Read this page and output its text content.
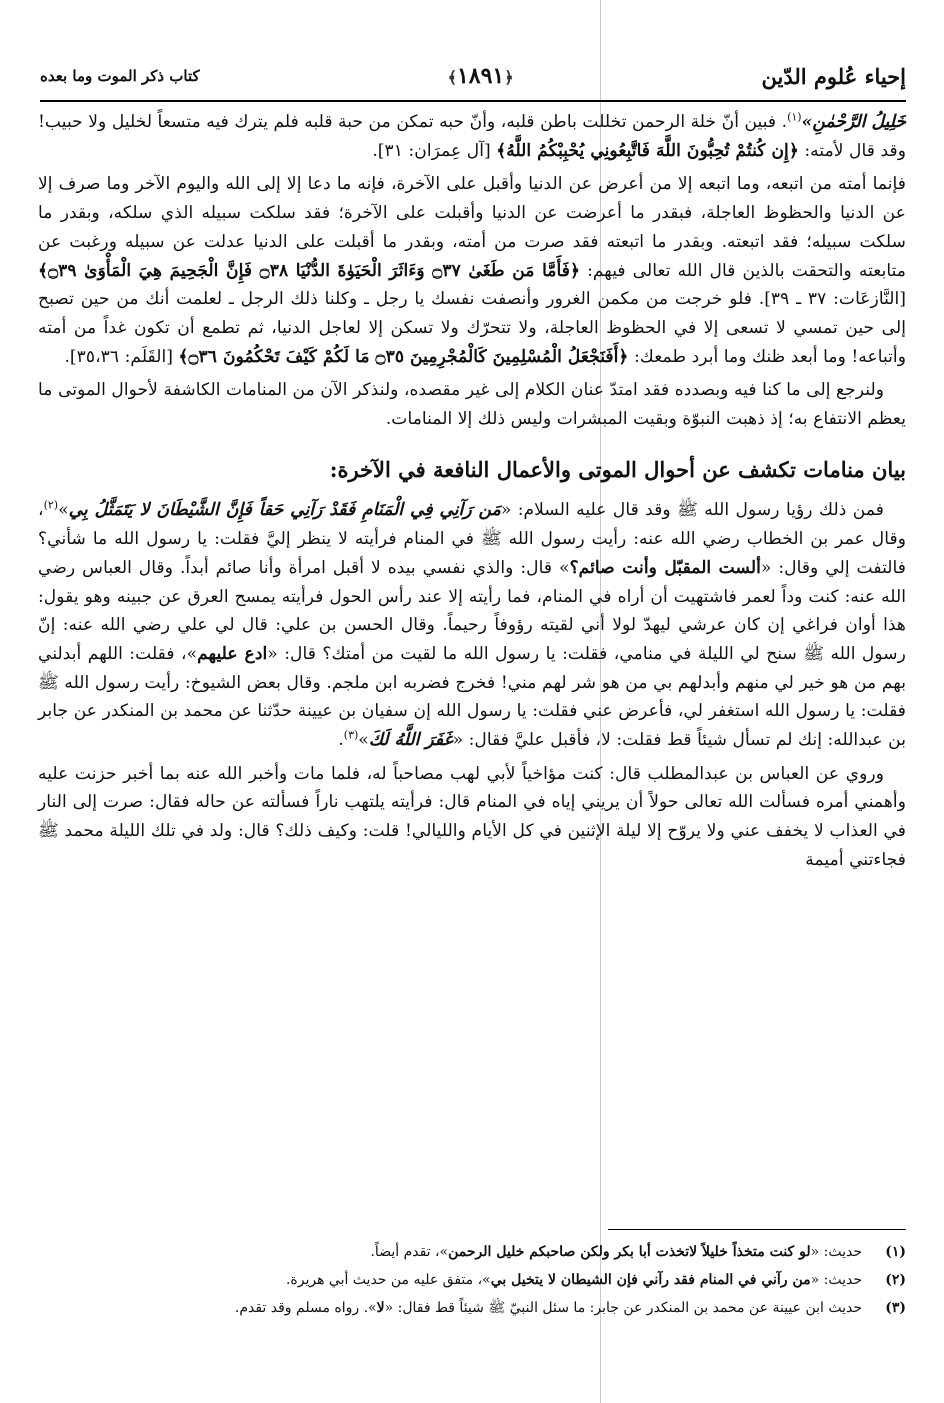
إحياء عُلوم الدّين
﴿١٨٩١﴾
كتاب ذكر الموت وما بعده

خَلِيلُ الرَّحْمٰنِ»$^{(١)}$. فبين أنّ خلة الرحمن تخللت باطن قلبه، وأنّ حبه تمكن من حبة قلبه فلم يترك فيه متسعاً لخليل ولا حبيب! وقد قال لأمته: ﴿إِن كُنتُمْ تُحِبُّونَ اللَّهَ فَاتَّبِعُونِي يُحْبِبْكُمُ اللَّهُ﴾ [آل عِمرَان: ٣١].

فإنما أمته من اتبعه، وما اتبعه إلا من أعرض عن الدنيا وأقبل على الآخرة، فإنه ما دعا إلا إلى الله واليوم الآخر وما صرف إلا عن الدنيا والحظوظ العاجلة، فبقدر ما أعرضت عن الدنيا وأقبلت على الآخرة؛ فقد سلكت سبيله الذي سلكه، وبقدر ما سلكت سبيله؛ فقد اتبعته. وبقدر ما اتبعته فقد صرت من أمته، وبقدر ما أقبلت على الدنيا عدلت عن سبيله ورغبت عن متابعته والتحقت بالذين قال الله تعالى فيهم: ﴿فَأَمَّا مَن طَغَىٰ ۝٣٧ وَءَاثَرَ الْحَيَوٰةَ الدُّنْيَا ۝٣٨ فَإِنَّ الْجَحِيمَ هِيَ الْمَأْوَىٰ ۝٣٩﴾ [النَّازعَات: ٣٧ ـ ٣٩]. فلو خرجت من مكمن الغرور وأنصفت نفسك يا رجل ـ وكلنا ذلك الرجل ـ لعلمت أنك من حين تصبح إلى حين تمسي لا تسعى إلا في الحظوظ العاجلة، ولا تتحرّك ولا تسكن إلا لعاجل الدنيا، ثم تطمع أن تكون غداً من أمته وأتباعه! وما أبعد ظنك وما أبرد طمعك: ﴿أَفَنَجْعَلُ الْمُسْلِمِينَ كَالْمُجْرِمِينَ ۝٣٥ مَا لَكُمْ كَيْفَ تَحْكُمُونَ ۝٣٦﴾ [القَلَم: ٣٥،٣٦].

ولنرجع إلى ما كنا فيه وبصدده فقد امتدّ عنان الكلام إلى غير مقصده، ولنذكر الآن من المنامات الكاشفة لأحوال الموتى ما يعظم الانتفاع به؛ إذ ذهبت النبوّة وبقيت المبشرات وليس ذلك إلا المنامات.

بيان منامات تكشف عن أحوال الموتى والأعمال النافعة في الآخرة:

فمن ذلك رؤيا رسول الله ﷺ وقد قال عليه السلام: «مَن رَآنِي فِي الْمَنَامِ فَقَدْ رَآنِي حَقاً فَإِنَّ الشَّيْطَانَ لا يَتَمَثَّلُ بِي»$^{(٢)}$، وقال عمر بن الخطاب رضي الله عنه: رأيت رسول الله ﷺ في المنام فرأيته لا ينظر إليَّ فقلت: يا رسول الله ما شأني؟ فالتفت إلي وقال: «ألست المقبّل وأنت صائم؟» قال: والذي نفسي بيده لا أقبل امرأة وأنا صائم أبداً. وقال العباس رضي الله عنه: كنت وداً لعمر فاشتهيت أن أراه في المنام، فما رأيته إلا عند رأس الحول فرأيته يمسح العرق عن جبينه وهو يقول: هذا أوان فراغي إن كان عرشي ليهدّ لولا أني لقيته رؤوفاً رحيماً. وقال الحسن بن علي: قال لي علي رضي الله عنه: إنّ رسول الله ﷺ سنح لي الليلة في منامي، فقلت: يا رسول الله ما لقيت من أمتك؟ قال: «ادع عليهم»، فقلت: اللهم أبدلني بهم من هو خير لي منهم وأبدلهم بي من هو شر لهم مني! فخرج فضربه ابن ملجم. وقال بعض الشيوخ: رأيت رسول الله ﷺ فقلت: يا رسول الله استغفر لي، فأعرض عني فقلت: يا رسول الله إن سفيان بن عيينة حدّثنا عن محمد بن المنكدر عن جابر بن عبدالله: إنك لم تسأل شيئاً قط فقلت: لا، فأقبل عليَّ فقال: «غَفَرَ اللَّهُ لَكَ»$^{(٣)}$.

وروي عن العباس بن عبدالمطلب قال: كنت مؤاخياً لأبي لهب مصاحباً له، فلما مات وأخبر الله عنه بما أخبر حزنت عليه وأهمني أمره فسألت الله تعالى حولاً أن يريني إياه في المنام قال: فرأيته يلتهب ناراً فسألته عن حاله فقال: صرت إلى النار في العذاب لا يخفف عني ولا يروّح إلا ليلة الإثنين في كل الأيام والليالي! قلت: وكيف ذلك؟ قال: ولد في تلك الليلة محمد ﷺ فجاءتني أميمة

(١)
حديث: «لو كنت متخذاً خليلاً لاتخذت أبا بكر ولكن صاحبكم خليل الرحمن»، تقدم أيضاً.
(٢)
حديث: «من رآني في المنام فقد رآني فإن الشيطان لا يتخيل بي»، متفق عليه من حديث أبي هريرة.
(٣)
حديث ابن عيينة عن محمد بن المنكدر عن جابر: ما سئل النبيّ ﷺ شيئاً قط فقال: «لا». رواه مسلم وقد تقدم.
